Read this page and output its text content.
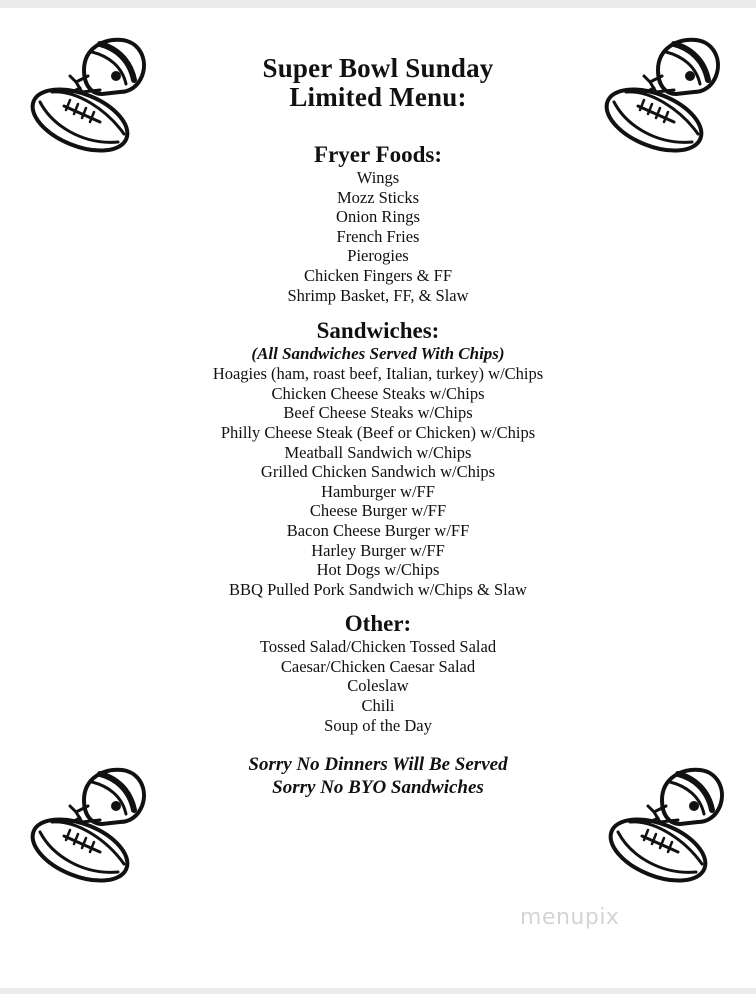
Super Bowl Sunday
Limited Menu:
Fryer Foods:
Wings
Mozz Sticks
Onion Rings
French Fries
Pierogies
Chicken Fingers & FF
Shrimp Basket, FF, & Slaw
Sandwiches:
(All Sandwiches Served With Chips)
Hoagies (ham, roast beef, Italian, turkey) w/Chips
Chicken Cheese Steaks w/Chips
Beef Cheese Steaks w/Chips
Philly Cheese Steak (Beef or Chicken) w/Chips
Meatball Sandwich w/Chips
Grilled Chicken Sandwich w/Chips
Hamburger w/FF
Cheese Burger w/FF
Bacon Cheese Burger w/FF
Harley Burger w/FF
Hot Dogs w/Chips
BBQ Pulled Pork Sandwich w/Chips & Slaw
Other:
Tossed Salad/Chicken Tossed Salad
Caesar/Chicken Caesar Salad
Coleslaw
Chili
Soup of the Day
Sorry No Dinners Will Be Served
Sorry No BYO Sandwiches
menupix
